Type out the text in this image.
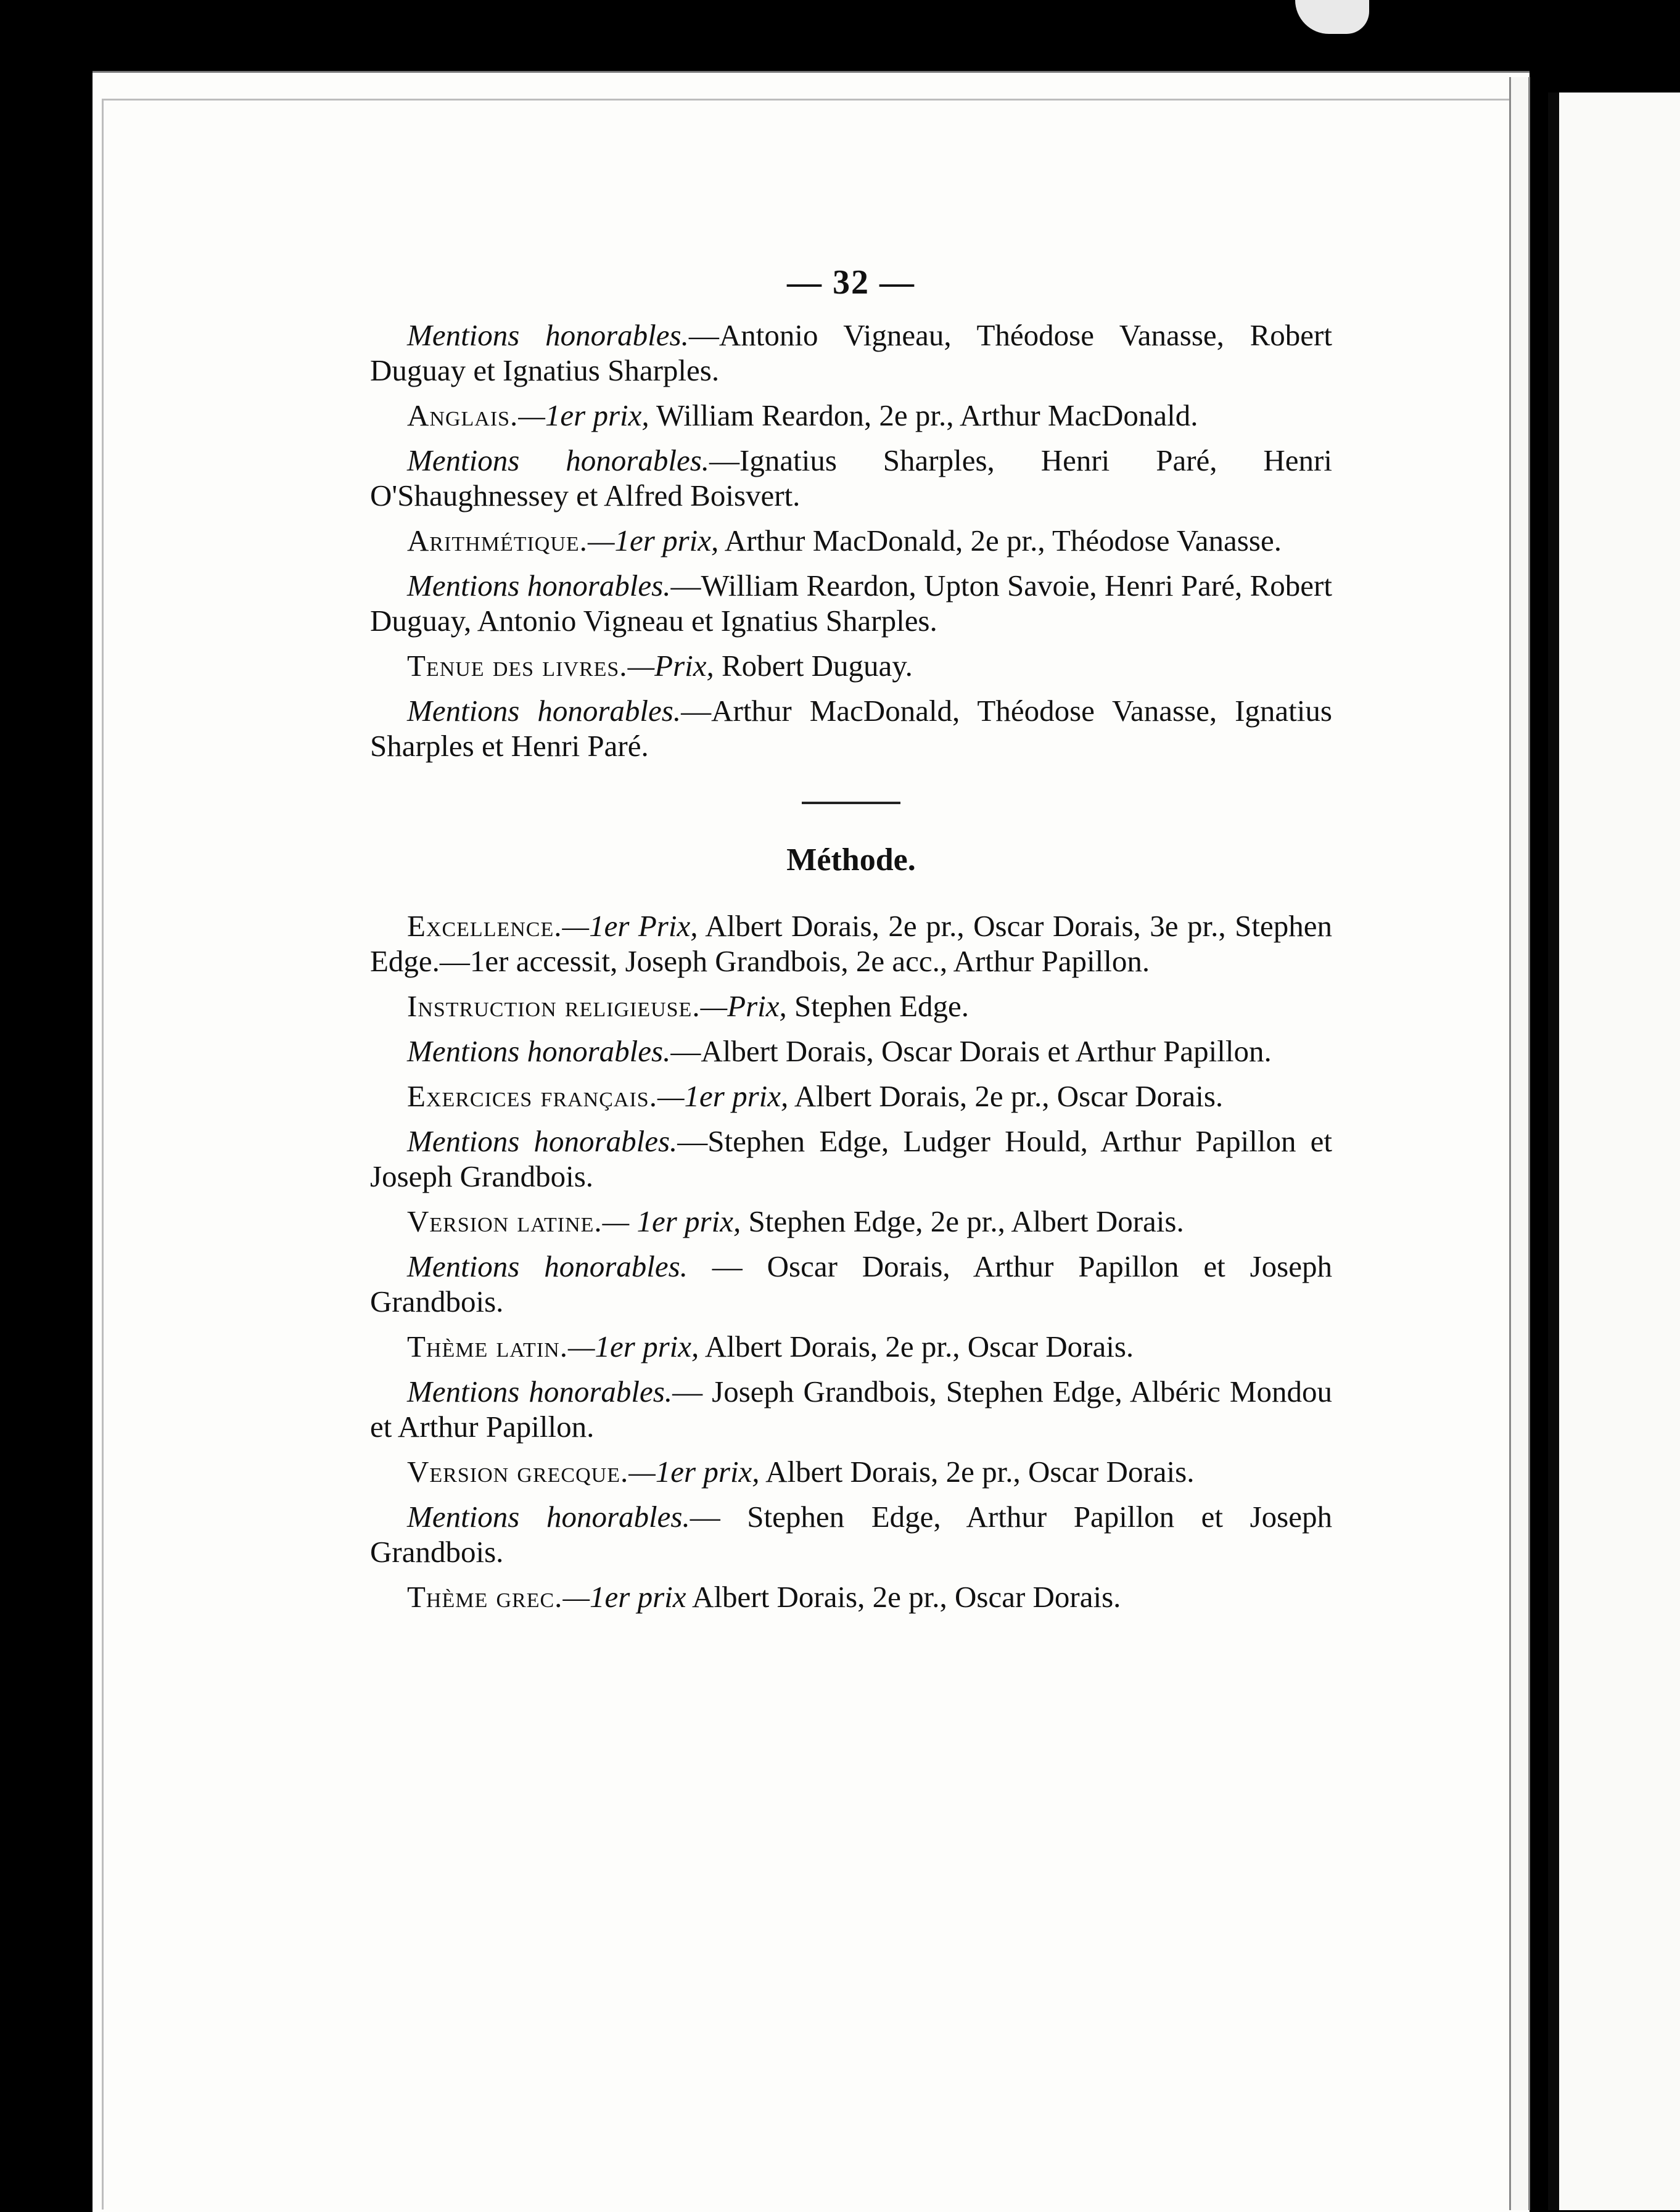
— 32 —

Mentions honorables.—Antonio Vigneau, Théodose Vanasse, Robert Duguay et Ignatius Sharples.

Anglais.—1er prix, William Reardon, 2e pr., Arthur MacDonald.

Mentions honorables.—Ignatius Sharples, Henri Paré, Henri O'Shaughnessey et Alfred Boisvert.

Arithmétique.—1er prix, Arthur MacDonald, 2e pr., Théodose Vanasse.

Mentions honorables.—William Reardon, Upton Savoie, Henri Paré, Robert Duguay, Antonio Vigneau et Ignatius Sharples.

Tenue des livres.—Prix, Robert Duguay.

Mentions honorables.—Arthur MacDonald, Théodose Vanasse, Ignatius Sharples et Henri Paré.

Méthode.

Excellence.—1er Prix, Albert Dorais, 2e pr., Oscar Dorais, 3e pr., Stephen Edge.—1er accessit, Joseph Grandbois, 2e acc., Arthur Papillon.

Instruction religieuse.—Prix, Stephen Edge.

Mentions honorables.—Albert Dorais, Oscar Dorais et Arthur Papillon.

Exercices français.—1er prix, Albert Dorais, 2e pr., Oscar Dorais.

Mentions honorables.—Stephen Edge, Ludger Hould, Arthur Papillon et Joseph Grandbois.

Version latine.— 1er prix, Stephen Edge, 2e pr., Albert Dorais.

Mentions honorables. — Oscar Dorais, Arthur Papillon et Joseph Grandbois.

Thème latin.—1er prix, Albert Dorais, 2e pr., Oscar Dorais.

Mentions honorables.— Joseph Grandbois, Stephen Edge, Albéric Mondou et Arthur Papillon.

Version grecque.—1er prix, Albert Dorais, 2e pr., Oscar Dorais.

Mentions honorables.— Stephen Edge, Arthur Papillon et Joseph Grandbois.

Thème grec.—1er prix Albert Dorais, 2e pr., Oscar Dorais.
